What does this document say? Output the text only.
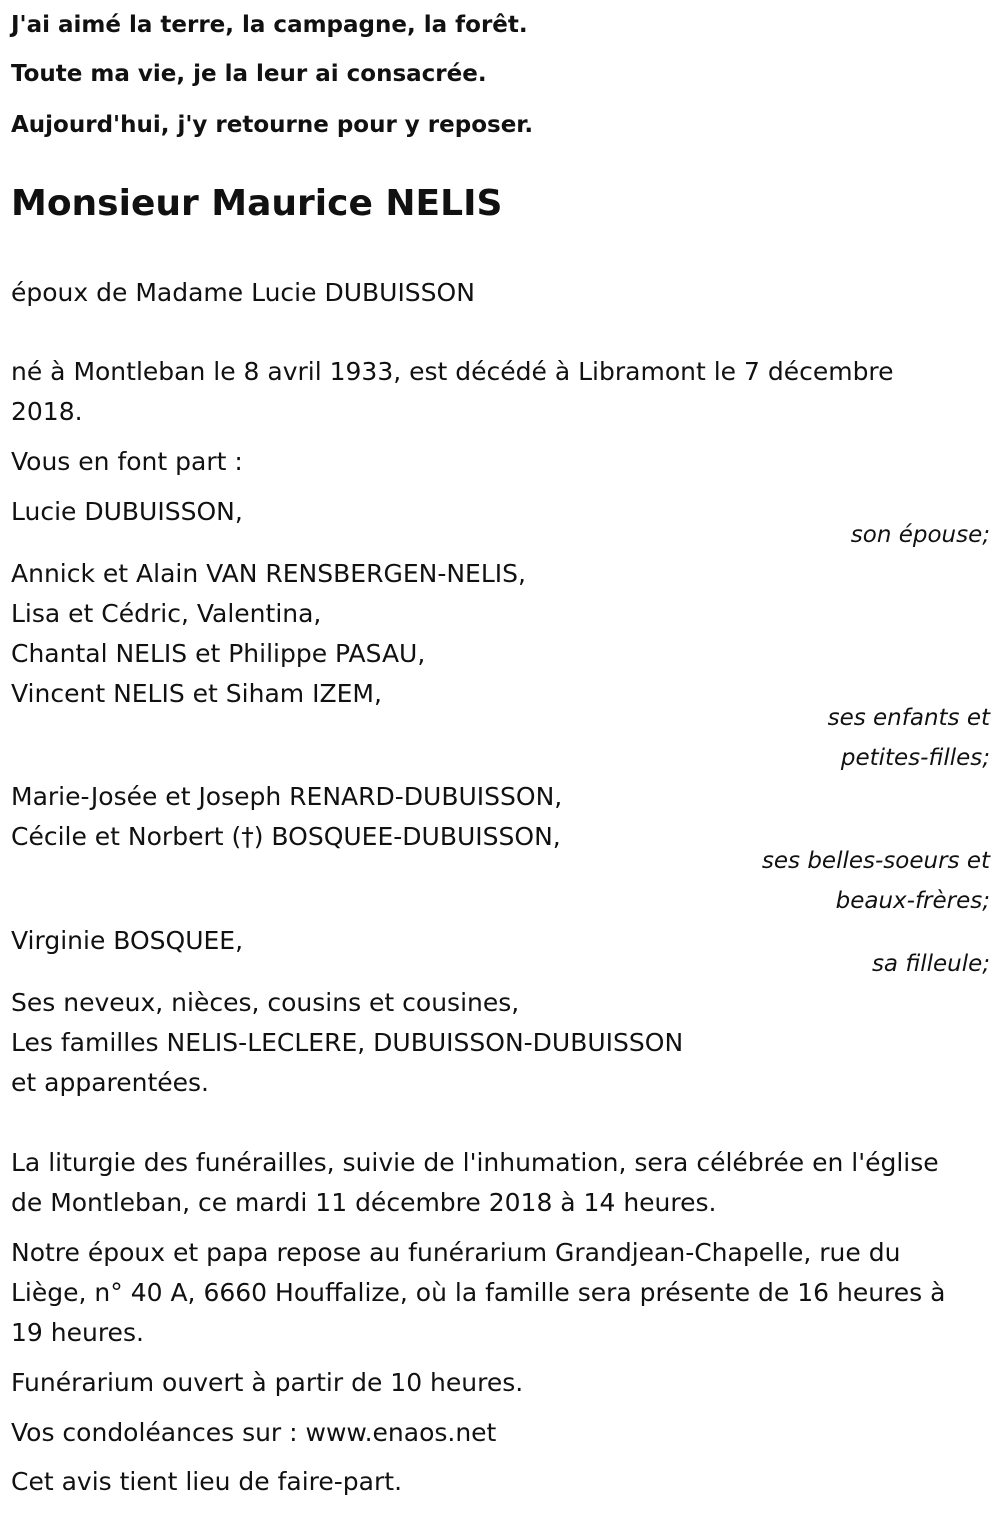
J'ai aimé la terre, la campagne, la forêt.

Toute ma vie, je la leur ai consacrée.

Aujourd'hui, j'y retourne pour y reposer.

Monsieur Maurice NELIS

époux de Madame Lucie DUBUISSON

né à Montleban le 8 avril 1933, est décédé à Libramont le 7 décembre

2018.

Vous en font part :

Lucie DUBUISSON,

son épouse;

Annick et Alain VAN RENSBERGEN-NELIS,

Lisa et Cédric, Valentina,

Chantal NELIS et Philippe PASAU,

Vincent NELIS et Siham IZEM,

ses enfants et

petites-filles;

Marie-Josée et Joseph RENARD-DUBUISSON,

Cécile et Norbert (†) BOSQUEE-DUBUISSON,

ses belles-soeurs et

beaux-frères;

Virginie BOSQUEE,

sa filleule;

Ses neveux, nièces, cousins et cousines,

Les familles NELIS-LECLERE, DUBUISSON-DUBUISSON

et apparentées.

La liturgie des funérailles, suivie de l'inhumation, sera célébrée en l'église

de Montleban, ce mardi 11 décembre 2018 à 14 heures.

Notre époux et papa repose au funérarium Grandjean-Chapelle, rue du

Liège, n° 40 A, 6660 Houffalize, où la famille sera présente de 16 heures à

19 heures.

Funérarium ouvert à partir de 10 heures.

Vos condoléances sur : www.enaos.net

Cet avis tient lieu de faire-part.
